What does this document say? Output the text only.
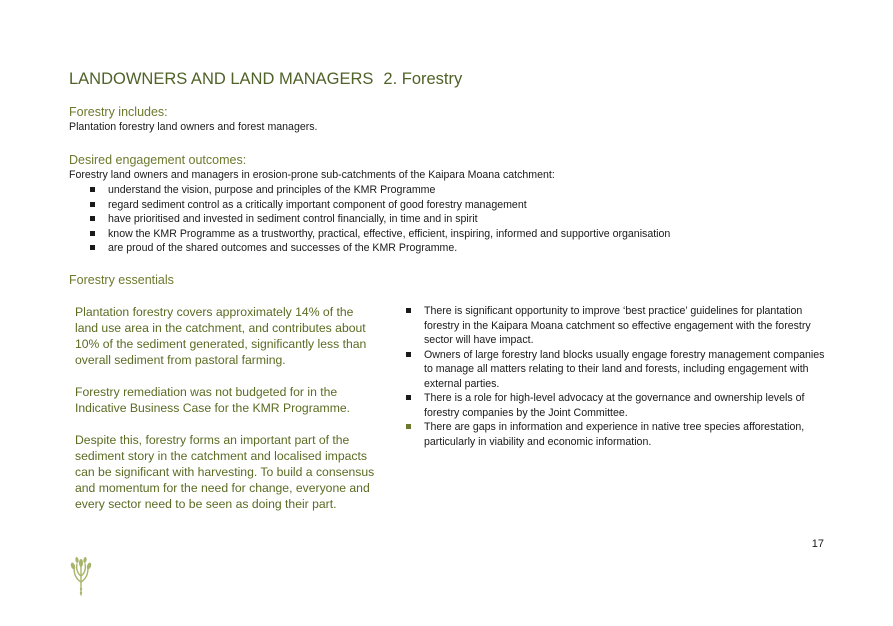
LANDOWNERS AND LAND MANAGERS 2. Forestry
Forestry includes:
Plantation forestry land owners and forest managers.
Desired engagement outcomes:
Forestry land owners and managers in erosion-prone sub-catchments of the Kaipara Moana catchment:
understand the vision, purpose and principles of the KMR Programme
regard sediment control as a critically important component of good forestry management
have prioritised and invested in sediment control financially, in time and in spirit
know the KMR Programme as a trustworthy, practical, effective, efficient, inspiring, informed and supportive organisation
are proud of the shared outcomes and successes of the KMR Programme.
Forestry essentials

Plantation forestry covers approximately 14% of the land use area in the catchment, and contributes about 10% of the sediment generated, significantly less than overall sediment from pastoral farming.

Forestry remediation was not budgeted for in the Indicative Business Case for the KMR Programme.

Despite this, forestry forms an important part of the sediment story in the catchment and localised impacts can be significant with harvesting. To build a consensus and momentum for the need for change, everyone and every sector need to be seen as doing their part.

There is significant opportunity to improve ‘best practice’ guidelines for plantation forestry in the Kaipara Moana catchment so effective engagement with the forestry sector will have impact.
Owners of large forestry land blocks usually engage forestry management companies to manage all matters relating to their land and forests, including engagement with external parties.
There is a role for high-level advocacy at the governance and ownership levels of forestry companies by the Joint Committee.
There are gaps in information and experience in native tree species afforestation, particularly in viability and economic information.
17
